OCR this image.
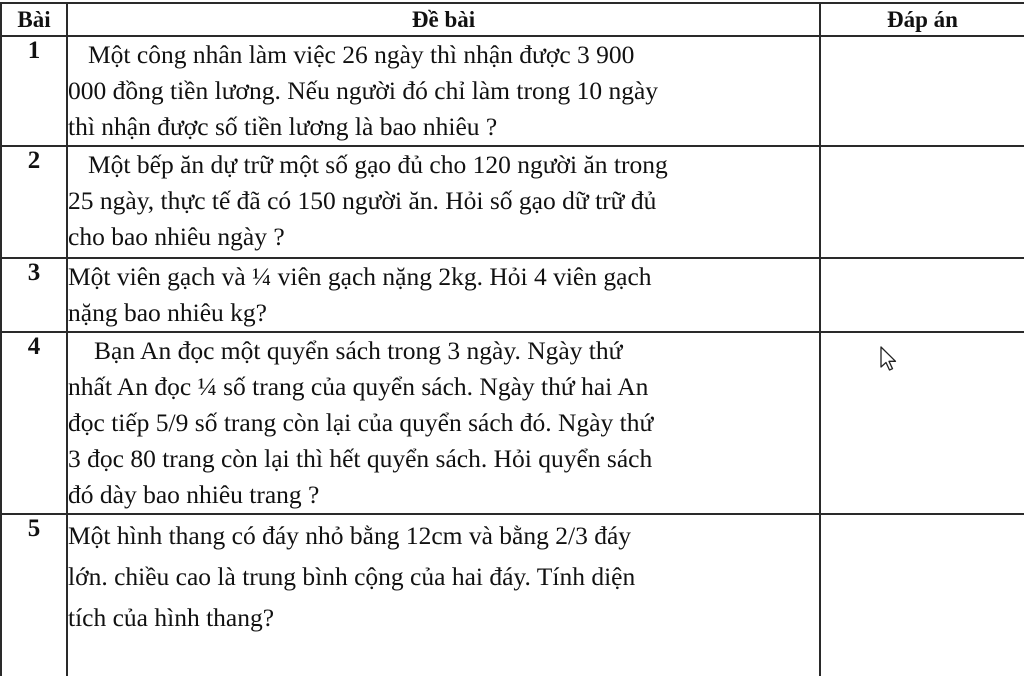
Bài	Đề bài	Đáp án
1	Một công nhân làm việc 26 ngày thì nhận được 3 900
000 đồng tiền lương. Nếu người đó chỉ làm trong 10 ngày
thì nhận được số tiền lương là bao nhiêu ?	

2	Một bếp ăn dự trữ một số gạo đủ cho 120 người ăn trong
25 ngày, thực tế đã có 150 người ăn. Hỏi số gạo dữ trữ đủ
cho bao nhiêu ngày ?	

3	Một viên gạch và ¼ viên gạch nặng 2kg. Hỏi 4 viên gạch
nặng bao nhiêu kg?	

4	Bạn An đọc một quyển sách trong 3 ngày. Ngày thứ
nhất An đọc ¼ số trang của quyển sách. Ngày thứ hai An
đọc tiếp 5/9 số trang còn lại của quyển sách đó. Ngày thứ
3 đọc 80 trang còn lại thì hết quyển sách. Hỏi quyển sách
đó dày bao nhiêu trang ?	

5	Một hình thang có đáy nhỏ bằng 12cm và bằng 2/3 đáy
lớn. chiều cao là trung bình cộng của hai đáy. Tính diện
tích của hình thang?	
